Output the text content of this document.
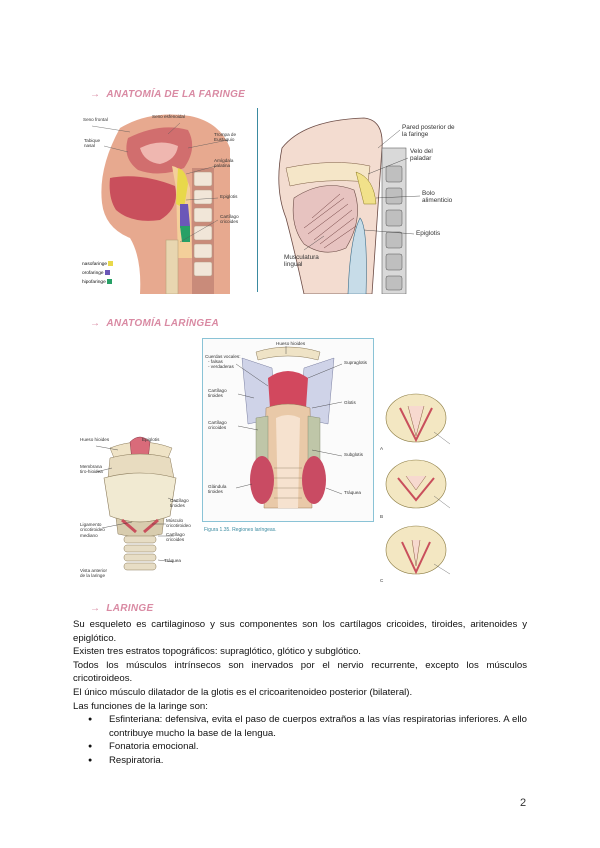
→ ANATOMÍA DE LA FARINGE
Seno frontal
Seno esfenoidal
Tabique nasal
Trompa de Eustaquio
Amígdala palatina
Epiglotis
Cartílago cricoides
nasofaringe
orofaringe
hipofaringe
Pared posterior de la faringe
Velo del paladar
Bolo alimenticio
Epiglotis
Musculatura lingual
→ ANATOMÍA LARÍNGEA
Hueso hioides	Epiglotis
Membrana tiro-hioidea
Cartílago tiroides
Ligamento cricotiroideo mediano
Músculo cricotiroideo
Cartílago cricoides
Tráquea
Vista anterior de la laringe
Hueso hioides
Cuerdas vocales:
- falsas
- verdaderas
Supraglotis
Cartílago tiroides
Glotis
Cartílago cricoides
Subglotis
Glándula tiroides	Tráquea
Figura 1.35. Regiones laríngeas.
A
B
C
→ LARINGE

Su esqueleto es cartilaginoso y sus componentes son los cartílagos cricoides, tiroides, aritenoides y epiglótico.

Existen tres estratos topográficos: supraglótico, glótico y subglótico.

Todos los músculos intrínsecos son inervados por el nervio recurrente, excepto los músculos cricotiroideos.

El único músculo dilatador de la glotis es el cricoaritenoideo posterior (bilateral).

Las funciones de la laringe son:

● Esfinteriana: defensiva, evita el paso de cuerpos extraños a las vías respiratorias inferiores. A ello contribuye mucho la base de la lengua.
● Fonatoria emocional.
● Respiratoria.
2
